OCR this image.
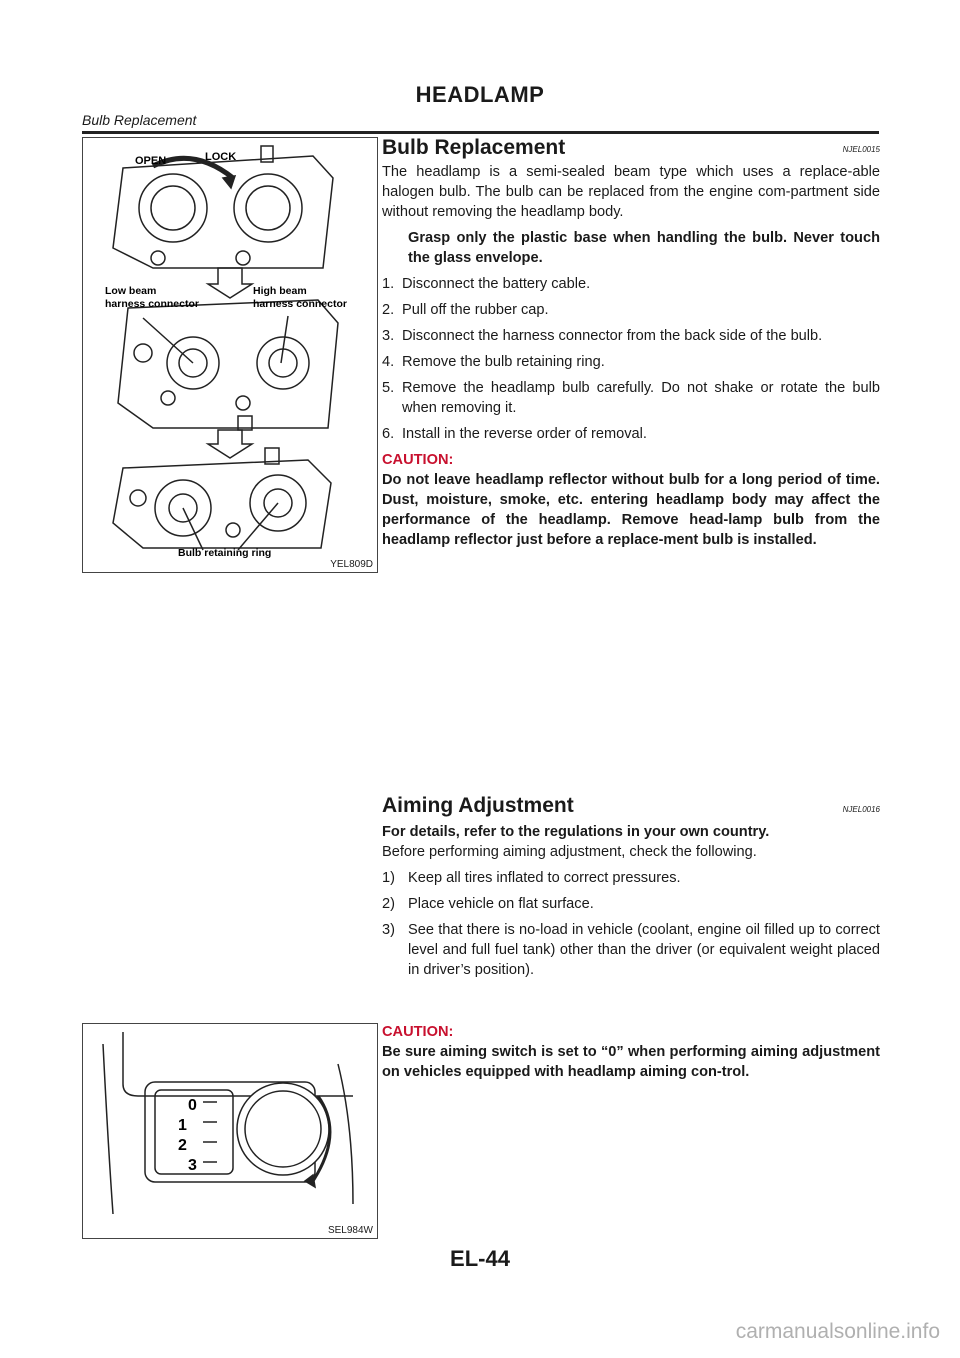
HEADLAMP
Bulb Replacement
OPEN	LOCK
Low beam
harness connector
High beam
harness connector
Bulb retaining ring
YEL809D
Bulb Replacement	NJEL0015

The headlamp is a semi-sealed beam type which uses a replace-able halogen bulb. The bulb can be replaced from the engine com-partment side without removing the headlamp body.

Grasp only the plastic base when handling the bulb. Never touch the glass envelope.

1. Disconnect the battery cable.
2. Pull off the rubber cap.
3. Disconnect the harness connector from the back side of the bulb.
4. Remove the bulb retaining ring.
5. Remove the headlamp bulb carefully. Do not shake or rotate the bulb when removing it.
6. Install in the reverse order of removal.

CAUTION:

Do not leave headlamp reflector without bulb for a long period of time. Dust, moisture, smoke, etc. entering headlamp body may affect the performance of the headlamp. Remove head-lamp bulb from the headlamp reflector just before a replace-ment bulb is installed.

Aiming Adjustment	NJEL0016

For details, refer to the regulations in your own country.

Before performing aiming adjustment, check the following.

1) Keep all tires inflated to correct pressures.
2) Place vehicle on flat surface.
3) See that there is no-load in vehicle (coolant, engine oil filled up to correct level and full fuel tank) other than the driver (or equivalent weight placed in driver’s position).
0
1
2
3
SEL984W

CAUTION:

Be sure aiming switch is set to “0” when performing aiming adjustment on vehicles equipped with headlamp aiming con-trol.

EL-44
carmanualsonline.info
